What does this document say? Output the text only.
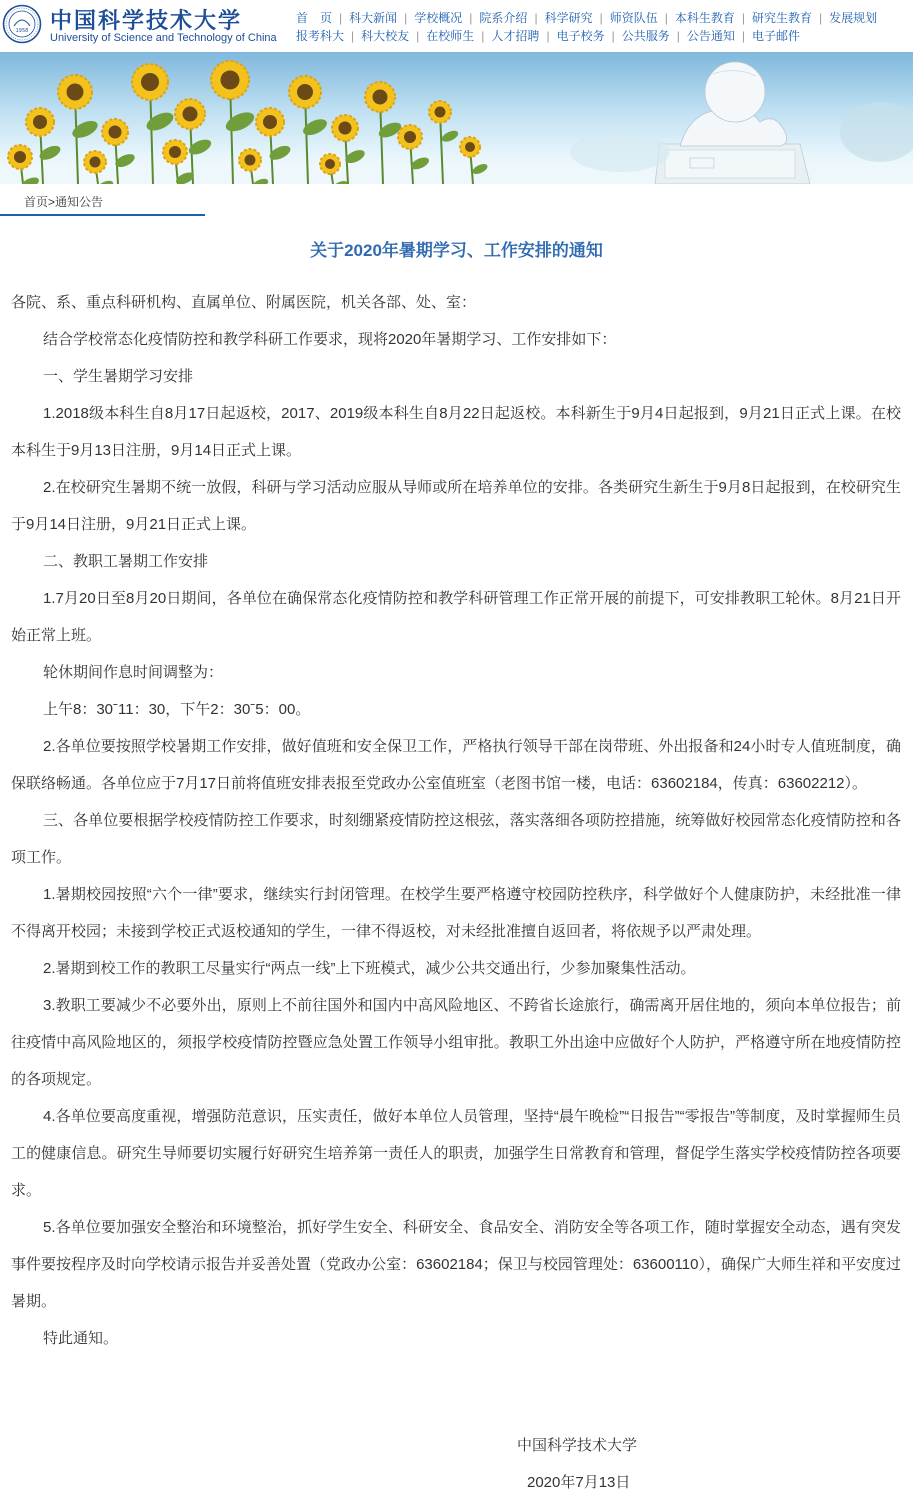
1958 中国科学技术大学
University of Science and Technology of China
首　页 | 科大新闻 | 学校概况 | 院系介绍 | 科学研究 | 师资队伍 | 本科生教育 | 研究生教育 | 发展规划
报考科大 | 科大校友 | 在校师生 | 人才招聘 | 电子校务 | 公共服务 | 公告通知 | 电子邮件
首页>通知公告
关于2020年暑期学习、工作安排的通知

各院、系、重点科研机构、直属单位、附属医院，机关各部、处、室：

结合学校常态化疫情防控和教学科研工作要求，现将2020年暑期学习、工作安排如下：

一、学生暑期学习安排

1.2018级本科生自8月17日起返校，2017、2019级本科生自8月22日起返校。本科新生于9月4日起报到，9月21日正式上课。在校本科生于9月13日注册，9月14日正式上课。

2.在校研究生暑期不统一放假，科研与学习活动应服从导师或所在培养单位的安排。各类研究生新生于9月8日起报到，在校研究生于9月14日注册，9月21日正式上课。

二、教职工暑期工作安排

1.7月20日至8月20日期间，各单位在确保常态化疫情防控和教学科研管理工作正常开展的前提下，可安排教职工轮休。8月21日开始正常上班。

轮休期间作息时间调整为：

上午8：30ˉ11：30，下午2：30ˉ5：00。

2.各单位要按照学校暑期工作安排，做好值班和安全保卫工作，严格执行领导干部在岗带班、外出报备和24小时专人值班制度，确保联络畅通。各单位应于7月17日前将值班安排表报至党政办公室值班室（老图书馆一楼，电话：63602184，传真：63602212）。

三、各单位要根据学校疫情防控工作要求，时刻绷紧疫情防控这根弦，落实落细各项防控措施，统筹做好校园常态化疫情防控和各项工作。

1.暑期校园按照“六个一律”要求，继续实行封闭管理。在校学生要严格遵守校园防控秩序，科学做好个人健康防护，未经批准一律不得离开校园；未接到学校正式返校通知的学生，一律不得返校，对未经批准擅自返回者，将依规予以严肃处理。

2.暑期到校工作的教职工尽量实行“两点一线”上下班模式，减少公共交通出行，少参加聚集性活动。

3.教职工要减少不必要外出，原则上不前往国外和国内中高风险地区、不跨省长途旅行，确需离开居住地的，须向本单位报告；前往疫情中高风险地区的，须报学校疫情防控暨应急处置工作领导小组审批。教职工外出途中应做好个人防护，严格遵守所在地疫情防控的各项规定。

4.各单位要高度重视，增强防范意识，压实责任，做好本单位人员管理，坚持“晨午晚检”“日报告”“零报告”等制度，及时掌握师生员工的健康信息。研究生导师要切实履行好研究生培养第一责任人的职责，加强学生日常教育和管理，督促学生落实学校疫情防控各项要求。

5.各单位要加强安全整治和环境整治，抓好学生安全、科研安全、食品安全、消防安全等各项工作，随时掌握安全动态，遇有突发事件要按程序及时向学校请示报告并妥善处置（党政办公室：63602184；保卫与校园管理处：63600110），确保广大师生祥和平安度过暑期。

特此通知。

中国科学技术大学
2020年7月13日
